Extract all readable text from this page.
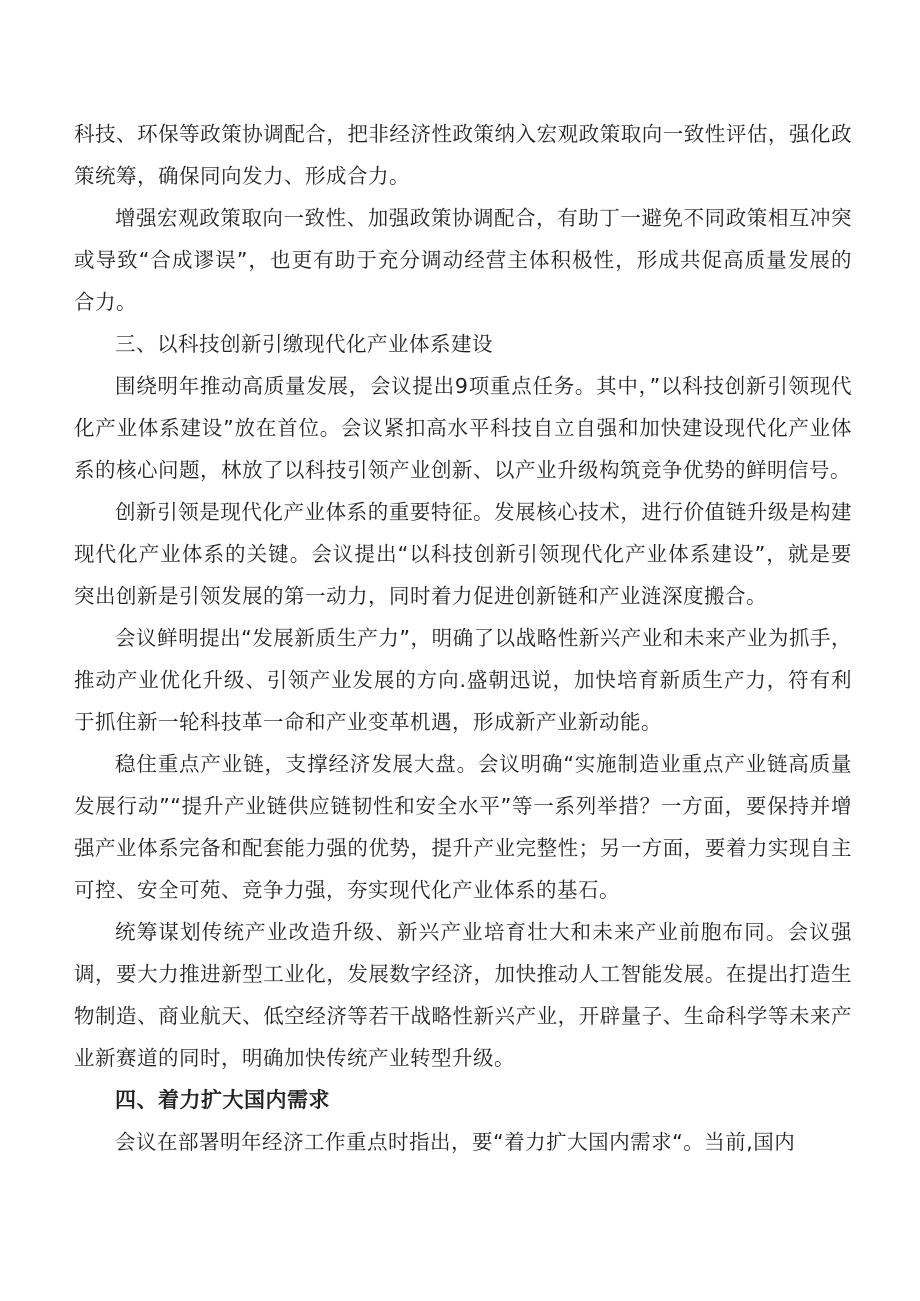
科技、环保等政策协调配合，把非经济性政策纳入宏观政策取向一致性评估，强化政策统筹，确保同向发力、形成合力。

增强宏观政策取向一致性、加强政策协调配合，有助丁一避免不同政策相互冲突或导致“合成谬误”，也更有助于充分调动经营主体积极性，形成共促高质量发展的合力。

三、以科技创新引缴现代化产业体系建设

围绕明年推动高质量发展，会议提出9项重点任务。其中，”以科技创新引领现代化产业体系建设”放在首位。会议紧扣高水平科技自立自强和加快建设现代化产业体系的核心问题，林放了以科技引领产业创新、以产业升级构筑竞争优势的鲜明信号。

创新引领是现代化产业体系的重要特征。发展核心技术，进行价值链升级是构建现代化产业体系的关键。会议提出“以科技创新引领现代化产业体系建设”，就是要突出创新是引领发展的第一动力，同时着力促进创新链和产业涟深度搬合。

会议鲜明提出“发展新质生产力”，明确了以战略性新兴产业和未来产业为抓手，推动产业优化升级、引领产业发展的方向.盛朝迅说，加快培育新质生产力，符有利于抓住新一轮科技革一命和产业变革机遇，形成新产业新动能。

稳住重点产业链，支撑经济发展大盘。会议明确“实施制造业重点产业链高质量发展行动”“提升产业链供应链韧性和安全水平”等一系列举措？一方面，要保持并增强产业体系完备和配套能力强的优势，提升产业完整性；另一方面，要着力实现自主可控、安全可苑、竞争力强，夯实现代化产业体系的基石。

统筹谋划传统产业改造升级、新兴产业培育壮大和未来产业前胞布同。会议强调，要大力推进新型工业化，发展数字经济，加快推动人工智能发展。在提出打造生物制造、商业航天、低空经济等若干战略性新兴产业，开辟量子、生命科学等未来产业新赛道的同时，明确加快传统产业转型升级。

四、着力扩大国内需求

会议在部署明年经济工作重点时指出，要“着力扩大国内需求“。当前,国内
